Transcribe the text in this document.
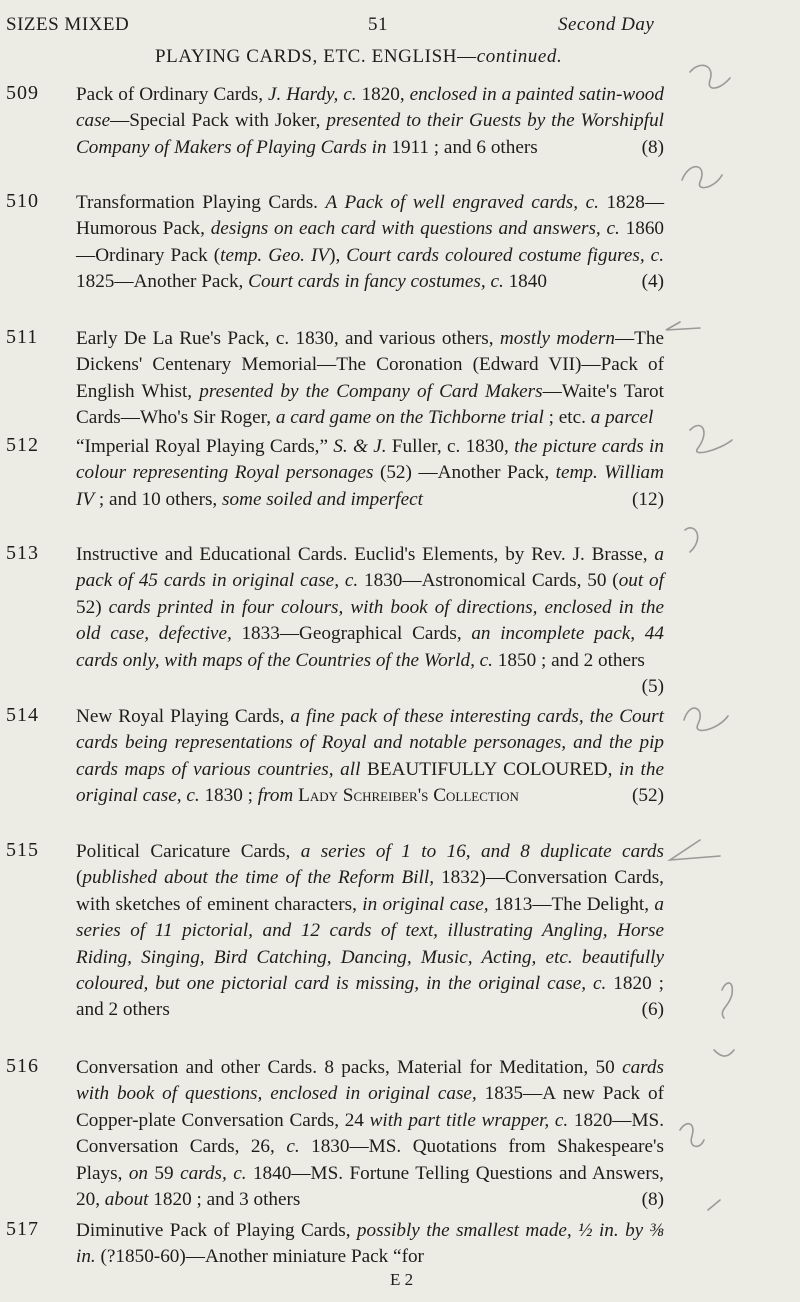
SIZES MIXED	51	Second Day
PLAYING CARDS, ETC. ENGLISH—continued.
509 Pack of Ordinary Cards, J. Hardy, c. 1820, enclosed in a painted satin-wood case—Special Pack with Joker, presented to their Guests by the Worshipful Company of Makers of Playing Cards in 1911 ; and 6 others	(8)
510 Transformation Playing Cards. A Pack of well engraved cards, c. 1828—Humorous Pack, designs on each card with questions and answers, c. 1860—Ordinary Pack (temp. Geo. IV), Court cards coloured costume figures, c. 1825—Another Pack, Court cards in fancy costumes, c. 1840	(4)
511 Early De La Rue's Pack, c. 1830, and various others, mostly modern—The Dickens' Centenary Memorial—The Coronation (Edward VII)—Pack of English Whist, presented by the Company of Card Makers—Waite's Tarot Cards—Who's Sir Roger, a card game on the Tichborne trial ; etc. a parcel
512 “Imperial Royal Playing Cards,” S. & J. Fuller, c. 1830, the picture cards in colour representing Royal personages (52) —Another Pack, temp. William IV ; and 10 others, some soiled and imperfect	(12)
513 Instructive and Educational Cards. Euclid's Elements, by Rev. J. Brasse, a pack of 45 cards in original case, c. 1830—Astronomical Cards, 50 (out of 52) cards printed in four colours, with book of directions, enclosed in the old case, defective, 1833—Geographical Cards, an incomplete pack, 44 cards only, with maps of the Countries of the World, c. 1850 ; and 2 others
(5)
514 New Royal Playing Cards, a fine pack of these interesting cards, the Court cards being representations of Royal and notable personages, and the pip cards maps of various countries, all BEAUTIFULLY COLOURED, in the original case, c. 1830 ; from Lady Schreiber's Collection	(52)
515 Political Caricature Cards, a series of 1 to 16, and 8 duplicate cards (published about the time of the Reform Bill, 1832)—Conversation Cards, with sketches of eminent characters, in original case, 1813—The Delight, a series of 11 pictorial, and 12 cards of text, illustrating Angling, Horse Riding, Singing, Bird Catching, Dancing, Music, Acting, etc. beautifully coloured, but one pictorial card is missing, in the original case, c. 1820 ; and 2 others	(6)
516 Conversation and other Cards. 8 packs, Material for Meditation, 50 cards with book of questions, enclosed in original case, 1835—A new Pack of Copper-plate Conversation Cards, 24 with part title wrapper, c. 1820—MS. Conversation Cards, 26, c. 1830—MS. Quotations from Shakespeare's Plays, on 59 cards, c. 1840—MS. Fortune Telling Questions and Answers, 20, about 1820 ; and 3 others	(8)
517 Diminutive Pack of Playing Cards, possibly the smallest made, ½ in. by ⅜ in. (?1850-60)—Another miniature Pack “for
E 2
